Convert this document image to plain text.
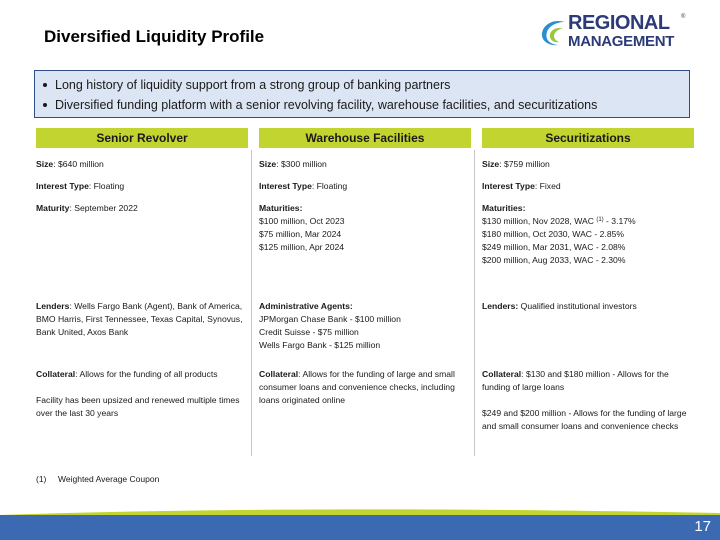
Diversified Liquidity Profile
REGIONAL
MANAGEMENT
®
Long history of liquidity support from a strong group of banking partners
Diversified funding platform with a senior revolving facility, warehouse facilities, and securitizations
Senior Revolver
Size: $640 million
Interest Type: Floating
Maturity: September 2022
Lenders: Wells Fargo Bank (Agent), Bank of America, BMO Harris, First Tennessee, Texas Capital, Synovus, Bank United, Axos Bank
Collateral: Allows for the funding of all products
Facility has been upsized and renewed multiple times over the last 30 years
Warehouse Facilities
Size: $300 million
Interest Type: Floating
Maturities:
$100 million, Oct 2023
$75 million, Mar 2024
$125 million, Apr 2024
Administrative Agents:
JPMorgan Chase Bank - $100 million
Credit Suisse - $75 million
Wells Fargo Bank - $125 million
Collateral: Allows for the funding of large and small consumer loans and convenience checks, including loans originated online
Securitizations
Size: $759 million
Interest Type: Fixed
Maturities:
$130 million, Nov 2028, WAC $^{(1)}$ - 3.17%
$180 million, Oct 2030, WAC - 2.85%
$249 million, Mar 2031, WAC - 2.08%
$200 million, Aug 2033, WAC - 2.30%
Lenders: Qualified institutional investors
Collateral: $130 and $180 million - Allows for the funding of large loans
$249 and $200 million - Allows for the funding of large and small consumer loans and convenience checks
(1)	Weighted Average Coupon
17
